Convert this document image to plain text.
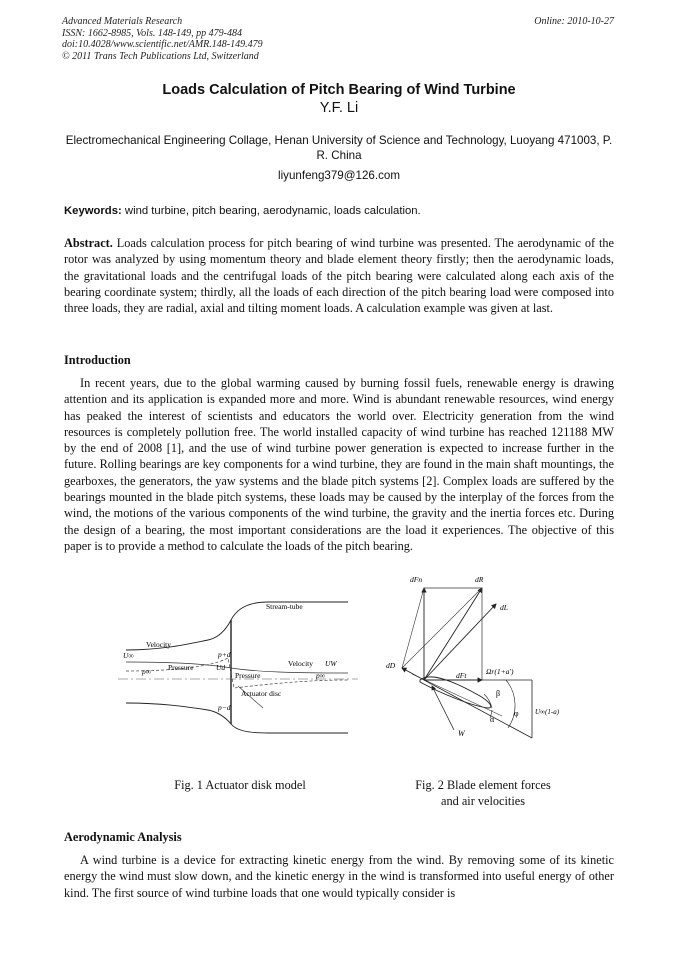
Advanced Materials Research
ISSN: 1662-8985, Vols. 148-149, pp 479-484
doi:10.4028/www.scientific.net/AMR.148-149.479
© 2011 Trans Tech Publications Ltd, Switzerland
Online: 2010-10-27
Loads Calculation of Pitch Bearing of Wind Turbine
Y.F. Li
Electromechanical Engineering Collage, Henan University of Science and Technology, Luoyang 471003, P. R. China
liyunfeng379@126.com
Keywords: wind turbine, pitch bearing, aerodynamic, loads calculation.
Abstract. Loads calculation process for pitch bearing of wind turbine was presented. The aerodynamic of the rotor was analyzed by using momentum theory and blade element theory firstly; then the aerodynamic loads, the gravitational loads and the centrifugal loads of the pitch bearing were calculated along each axis of the bearing coordinate system; thirdly, all the loads of each direction of the pitch bearing load were composed into three loads, they are radial, axial and tilting moment loads. A calculation example was given at last.
Introduction
In recent years, due to the global warming caused by burning fossil fuels, renewable energy is drawing attention and its application is expanded more and more. Wind is abundant renewable resources, wind energy has peaked the interest of scientists and educators the world over. Electricity generation from the wind resources is completely pollution free. The world installed capacity of wind turbine has reached 121188 MW by the end of 2008 [1], and the use of wind turbine power generation is expected to increase further in the future. Rolling bearings are key components for a wind turbine, they are found in the main shaft mountings, the gearboxes, the generators, the yaw systems and the blade pitch systems [2]. Complex loads are suffered by the bearings mounted in the blade pitch systems, these loads may be caused by the interplay of the forces from the wind, the motions of the various components of the wind turbine, the gravity and the inertia forces etc. During the design of a bearing, the most important considerations are the load it experiences. The objective of this paper is to provide a method to calculate the loads of the pitch bearing.
Stream-tube
Velocity
U∞
p∞ Pressure
p+d
Ud
p−d
Velocity UW
Pressure	p∞
Actuator disc
Fig. 1 Actuator disk model
dFn	dR
dL
dD
dFt	Ωr(1+a′)
β
α
φ U∞(1-a)
W
Fig. 2 Blade element forces
and air velocities
Aerodynamic Analysis
A wind turbine is a device for extracting kinetic energy from the wind. By removing some of its kinetic energy the wind must slow down, and the kinetic energy in the wind is transformed into useful energy of other kind. The first source of wind turbine loads that one would typically consider is
